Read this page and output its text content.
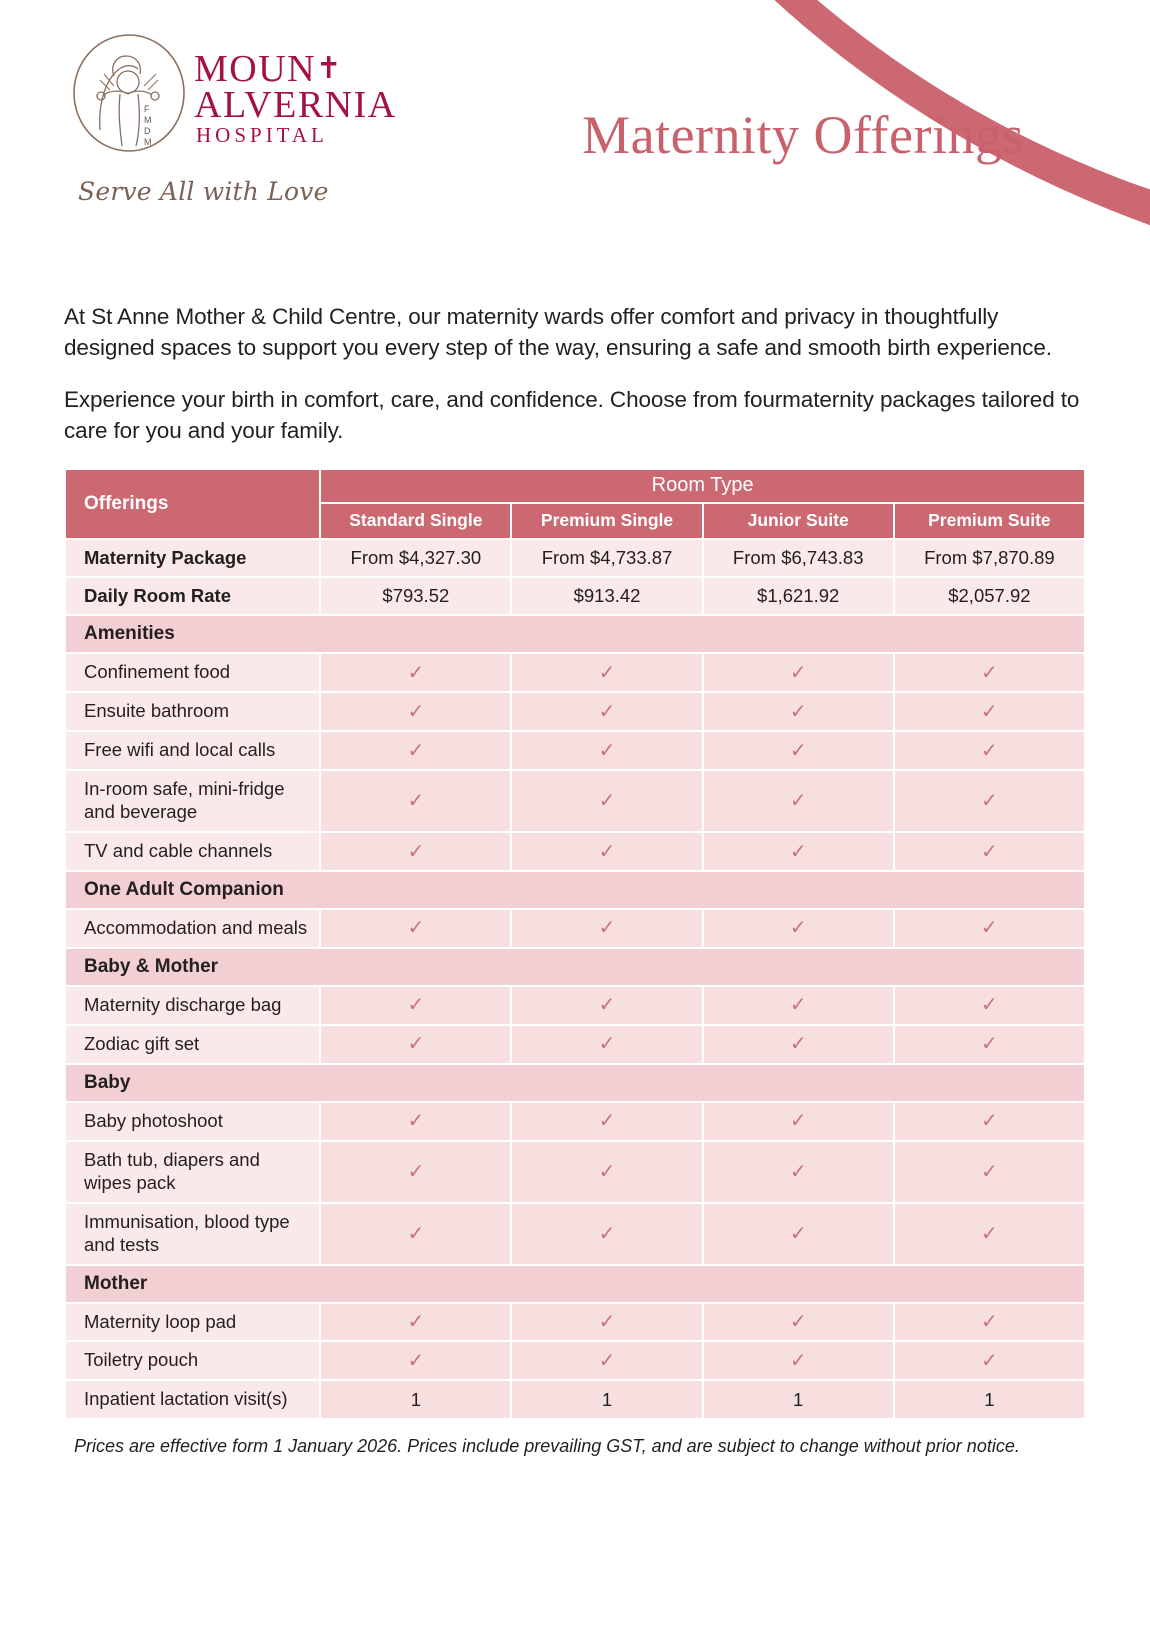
F
M
D
M
MOUN✝
ALVERNIA
HOSPITAL
Serve All with Love
Maternity Offerings

At St Anne Mother & Child Centre, our maternity wards offer comfort and privacy in thoughtfully designed spaces to support you every step of the way, ensuring a safe and smooth birth experience.

Experience your birth in comfort, care, and confidence. Choose from fourmaternity packages tailored to care for you and your family.

Offerings	Room Type			
	Standard Single	Premium Single	Junior Suite	Premium Suite
Maternity Package	From $4,327.30	From $4,733.87	From $6,743.83	From $7,870.89
Daily Room Rate	$793.52	$913.42	$1,621.92	$2,057.92
Amenities				
Confinement food	✓	✓	✓	✓
Ensuite bathroom	✓	✓	✓	✓
Free wifi and local calls	✓	✓	✓	✓
In-room safe, mini-fridge and beverage	✓	✓	✓	✓
TV and cable channels	✓	✓	✓	✓
One Adult Companion				
Accommodation and meals	✓	✓	✓	✓
Baby & Mother				
Maternity discharge bag	✓	✓	✓	✓
Zodiac gift set	✓	✓	✓	✓
Baby				
Baby photoshoot	✓	✓	✓	✓
Bath tub, diapers and wipes pack	✓	✓	✓	✓
Immunisation, blood type and tests	✓	✓	✓	✓
Mother				
Maternity loop pad	✓	✓	✓	✓
Toiletry pouch	✓	✓	✓	✓
Inpatient lactation visit(s)	1	1	1	1
Prices are effective form 1 January 2026. Prices include prevailing GST, and are subject to change without prior notice.
